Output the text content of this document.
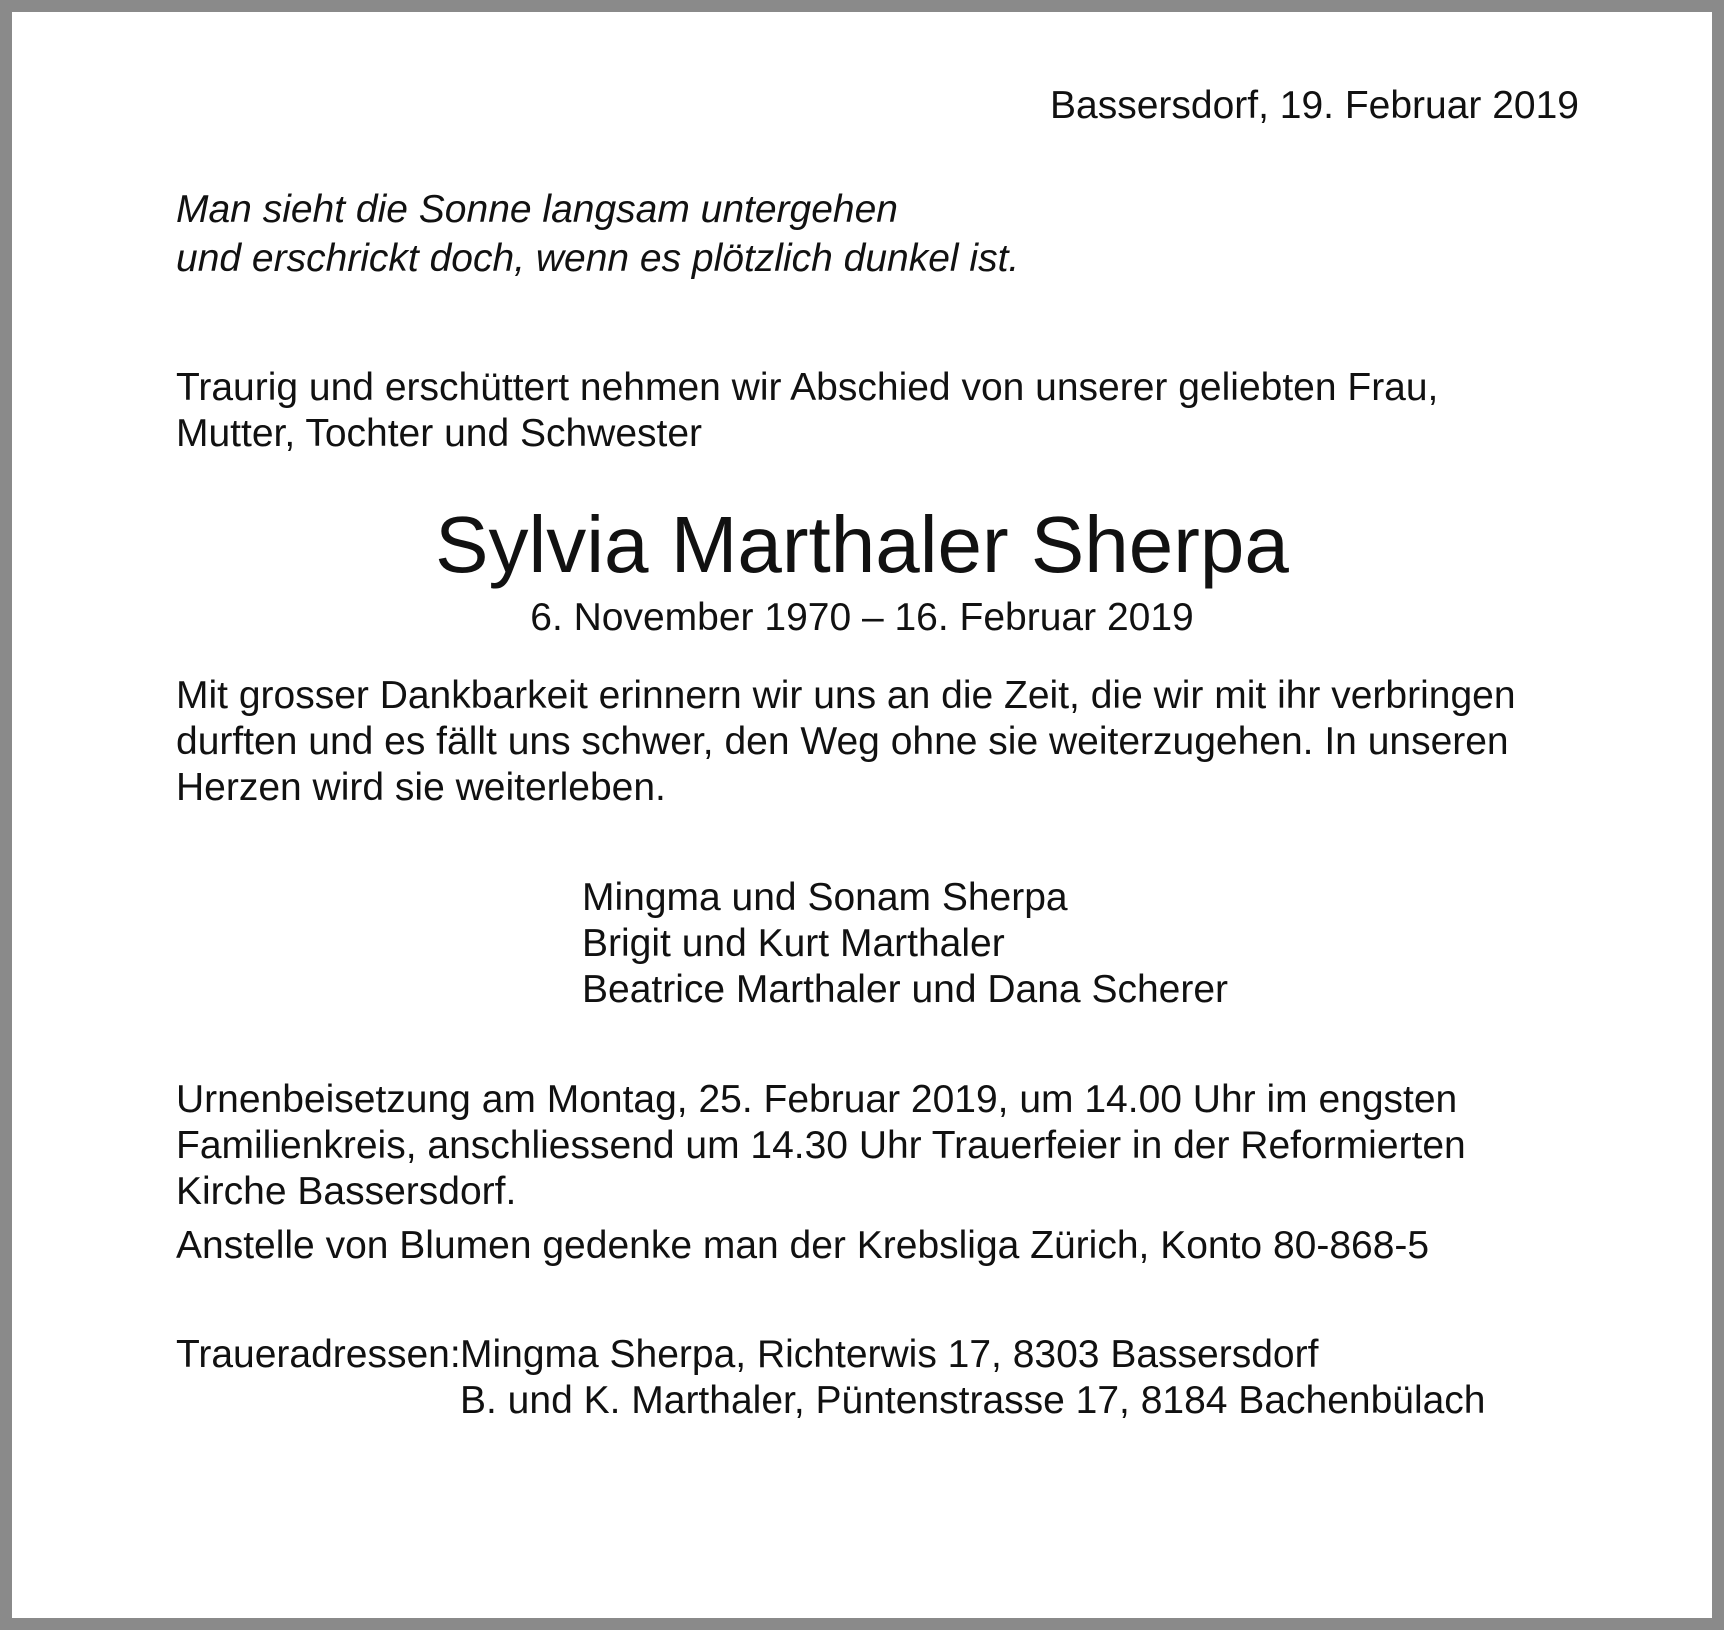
Bassersdorf, 19. Februar 2019
Man sieht die Sonne langsam untergehen
und erschrickt doch, wenn es plötzlich dunkel ist.
Traurig und erschüttert nehmen wir Abschied von unserer geliebten Frau,
Mutter, Tochter und Schwester
Sylvia Marthaler Sherpa
6. November 1970 – 16. Februar 2019
Mit grosser Dankbarkeit erinnern wir uns an die Zeit, die wir mit ihr verbringen
durften und es fällt uns schwer, den Weg ohne sie weiterzugehen. In unseren
Herzen wird sie weiterleben.
Mingma und Sonam Sherpa
Brigit und Kurt Marthaler
Beatrice Marthaler und Dana Scherer
Urnenbeisetzung am Montag, 25. Februar 2019, um 14.00 Uhr im engsten
Familienkreis, anschliessend um 14.30 Uhr Trauerfeier in der Reformierten
Kirche Bassersdorf.
Anstelle von Blumen gedenke man der Krebsliga Zürich, Konto 80-868-5
Traueradressen: Mingma Sherpa, Richterwis 17, 8303 Bassersdorf
B. und K. Marthaler, Püntenstrasse 17, 8184 Bachenbülach
